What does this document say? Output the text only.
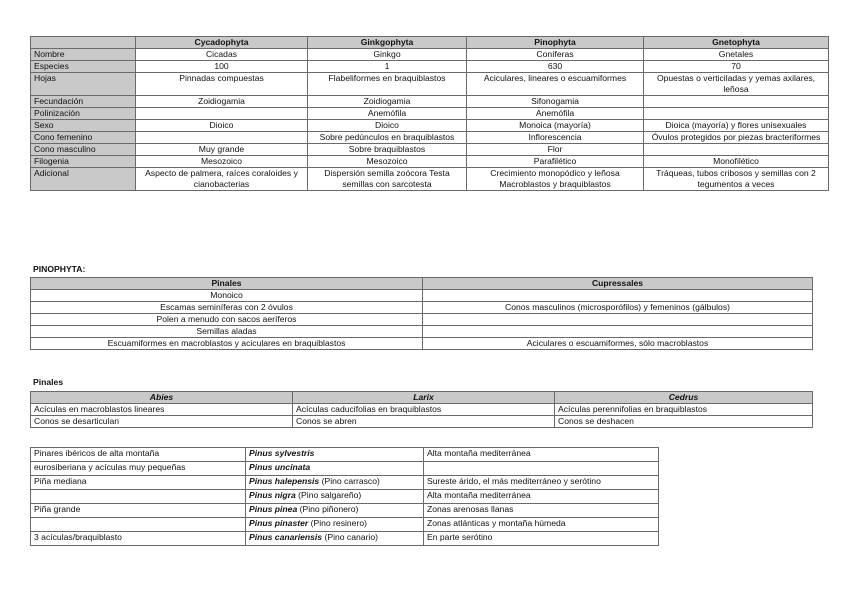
	Cycadophyta	Ginkgophyta	Pinophyta	Gnetophyta
Nombre	Cicadas	Ginkgo	Coníferas	Gnetales
Especies	100	1	630	70
Hojas	Pinnadas compuestas	Flabeliformes en braquiblastos	Aciculares, lineares o escuamiformes	Opuestas o verticiladas y yemas axilares, leñosa
Fecundación	Zoidiogamia	Zoidiogamia	Sifonogamia	
Polinización		Anemófila	Anemófila	
Sexo	Dioico	Dioico	Monoica (mayoría)	Dioica (mayoría) y flores unisexuales
Cono femenino		Sobre pedúnculos en braquiblastos	Inflorescencia	Óvulos protegidos por piezas bracteriformes
Cono masculino	Muy grande	Sobre braquiblastos	Flor	
Filogenia	Mesozoico	Mesozoico	Parafilético	Monofilético
Adicional	Aspecto de palmera, raíces coraloides y cianobacterias	Dispersión semilla zoócora Testa semillas con sarcotesta	Crecimiento monopódico y leñosa Macroblastos y braquiblastos	Tráqueas, tubos cribosos y semillas con 2 tegumentos a veces
PINOPHYTA:
Pinales	Cupressales
Monoico	
Escamas seminíferas con 2 óvulos	Conos masculinos (microsporófilos) y femeninos (gálbulos)
Polen a menudo con sacos aeríferos	
Semillas aladas	
Escuamiformes en macroblastos y aciculares en braquiblastos	Aciculares o escuamiformes, sólo macroblastos
Pinales
Abies	Larix	Cedrus
Acículas en macroblastos lineares	Acículas caducifolias en braquiblastos	Acículas perennifolias en braquiblastos
Conos se desarticulan	Conos se abren	Conos se deshacen
Pinares ibéricos de alta montaña	Pinus sylvestris	Alta montaña mediterránea
eurosiberiana y acículas muy pequeñas	Pinus uncinata	
Piña mediana	Pinus halepensis (Pino carrasco)	Sureste árido, el más mediterráneo y serótino
	Pinus nigra (Pino salgareño)	Alta montaña mediterránea
Piña grande	Pinus pinea (Pino piñonero)	Zonas arenosas llanas
	Pinus pinaster (Pino resinero)	Zonas atlánticas y montaña húmeda
3 acículas/braquiblasto	Pinus canariensis (Pino canario)	En parte serótino
